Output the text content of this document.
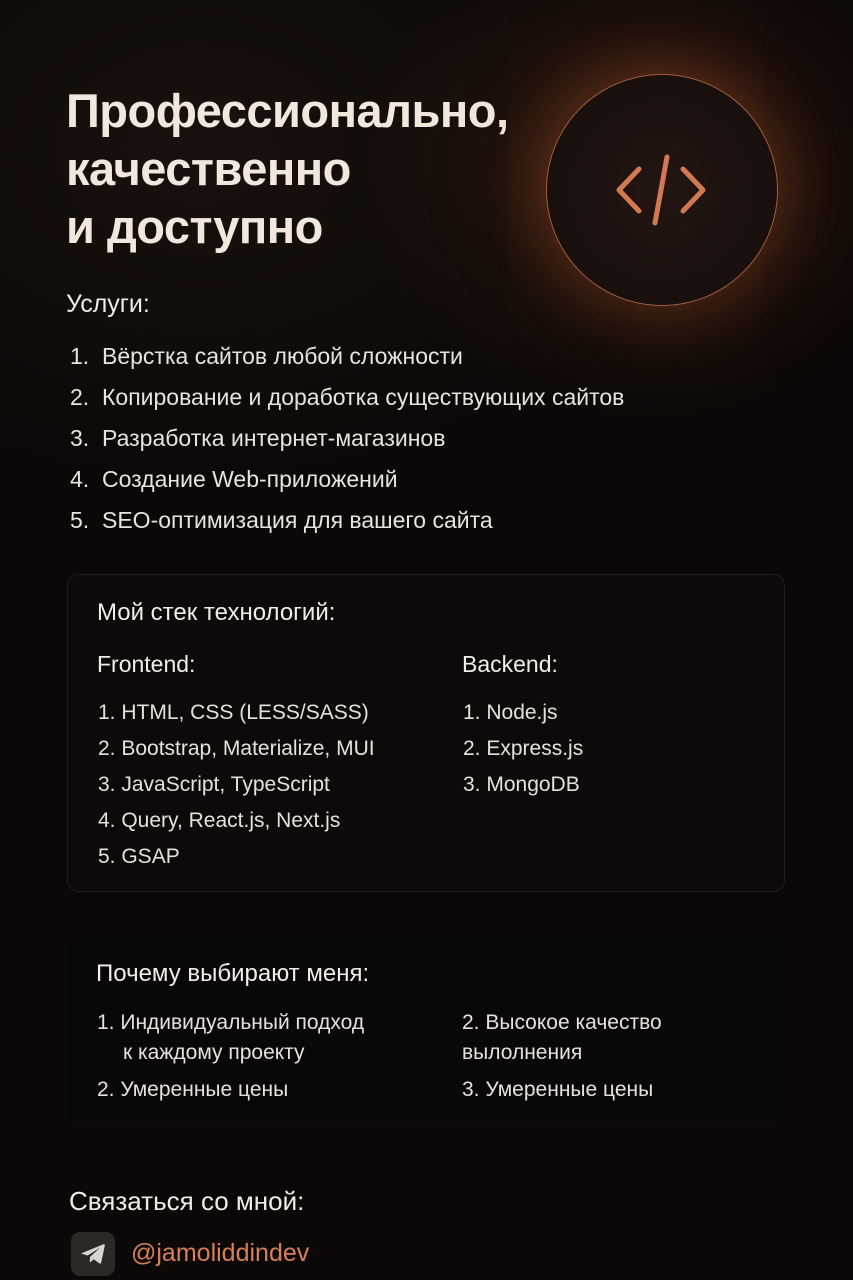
Профессионально,
качественно
и доступно
Услуги:
1. Вёрстка сайтов любой сложности
2. Копирование и доработка существующих сайтов
3. Разработка интернет-магазинов
4. Создание Web-приложений
5. SEO-оптимизация для вашего сайта
Мой стек технологий:
Frontend:
1. HTML, CSS (LESS/SASS)
2. Bootstrap, Materialize, MUI
3. JavaScript, TypeScript
4. Query, React.js, Next.js
5. GSAP
Backend:
1. Node.js
2. Express.js
3. MongoDB
Почему выбирают меня:
1. Индивидуальный подход
к каждому проекту
2. Умеренные цены
2. Высокое качество
вылолнения
3. Умеренные цены
Связаться со мной:
@jamoliddindev
